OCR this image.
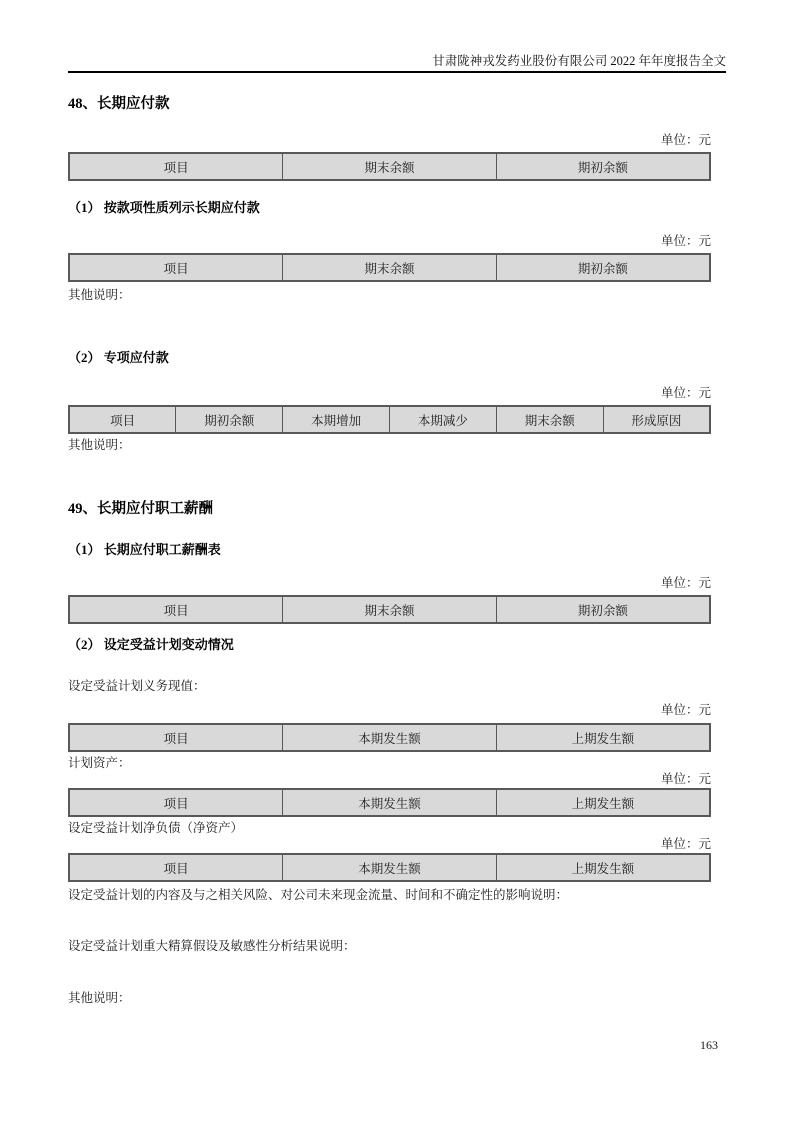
甘肃陇神戎发药业股份有限公司 2022 年年度报告全文
48、长期应付款
单位：元
项目	期末余额	期初余额
（1） 按款项性质列示长期应付款
单位：元
项目	期末余额	期初余额
其他说明：
（2） 专项应付款
单位：元
项目	期初余额	本期增加	本期减少	期末余额	形成原因
其他说明：
49、长期应付职工薪酬
（1） 长期应付职工薪酬表
单位：元
项目	期末余额	期初余额
（2） 设定受益计划变动情况
设定受益计划义务现值：
单位：元
项目	本期发生额	上期发生额
计划资产：
单位：元
项目	本期发生额	上期发生额
设定受益计划净负债（净资产）
单位：元
项目	本期发生额	上期发生额
设定受益计划的内容及与之相关风险、对公司未来现金流量、时间和不确定性的影响说明：
设定受益计划重大精算假设及敏感性分析结果说明：
其他说明：
163
